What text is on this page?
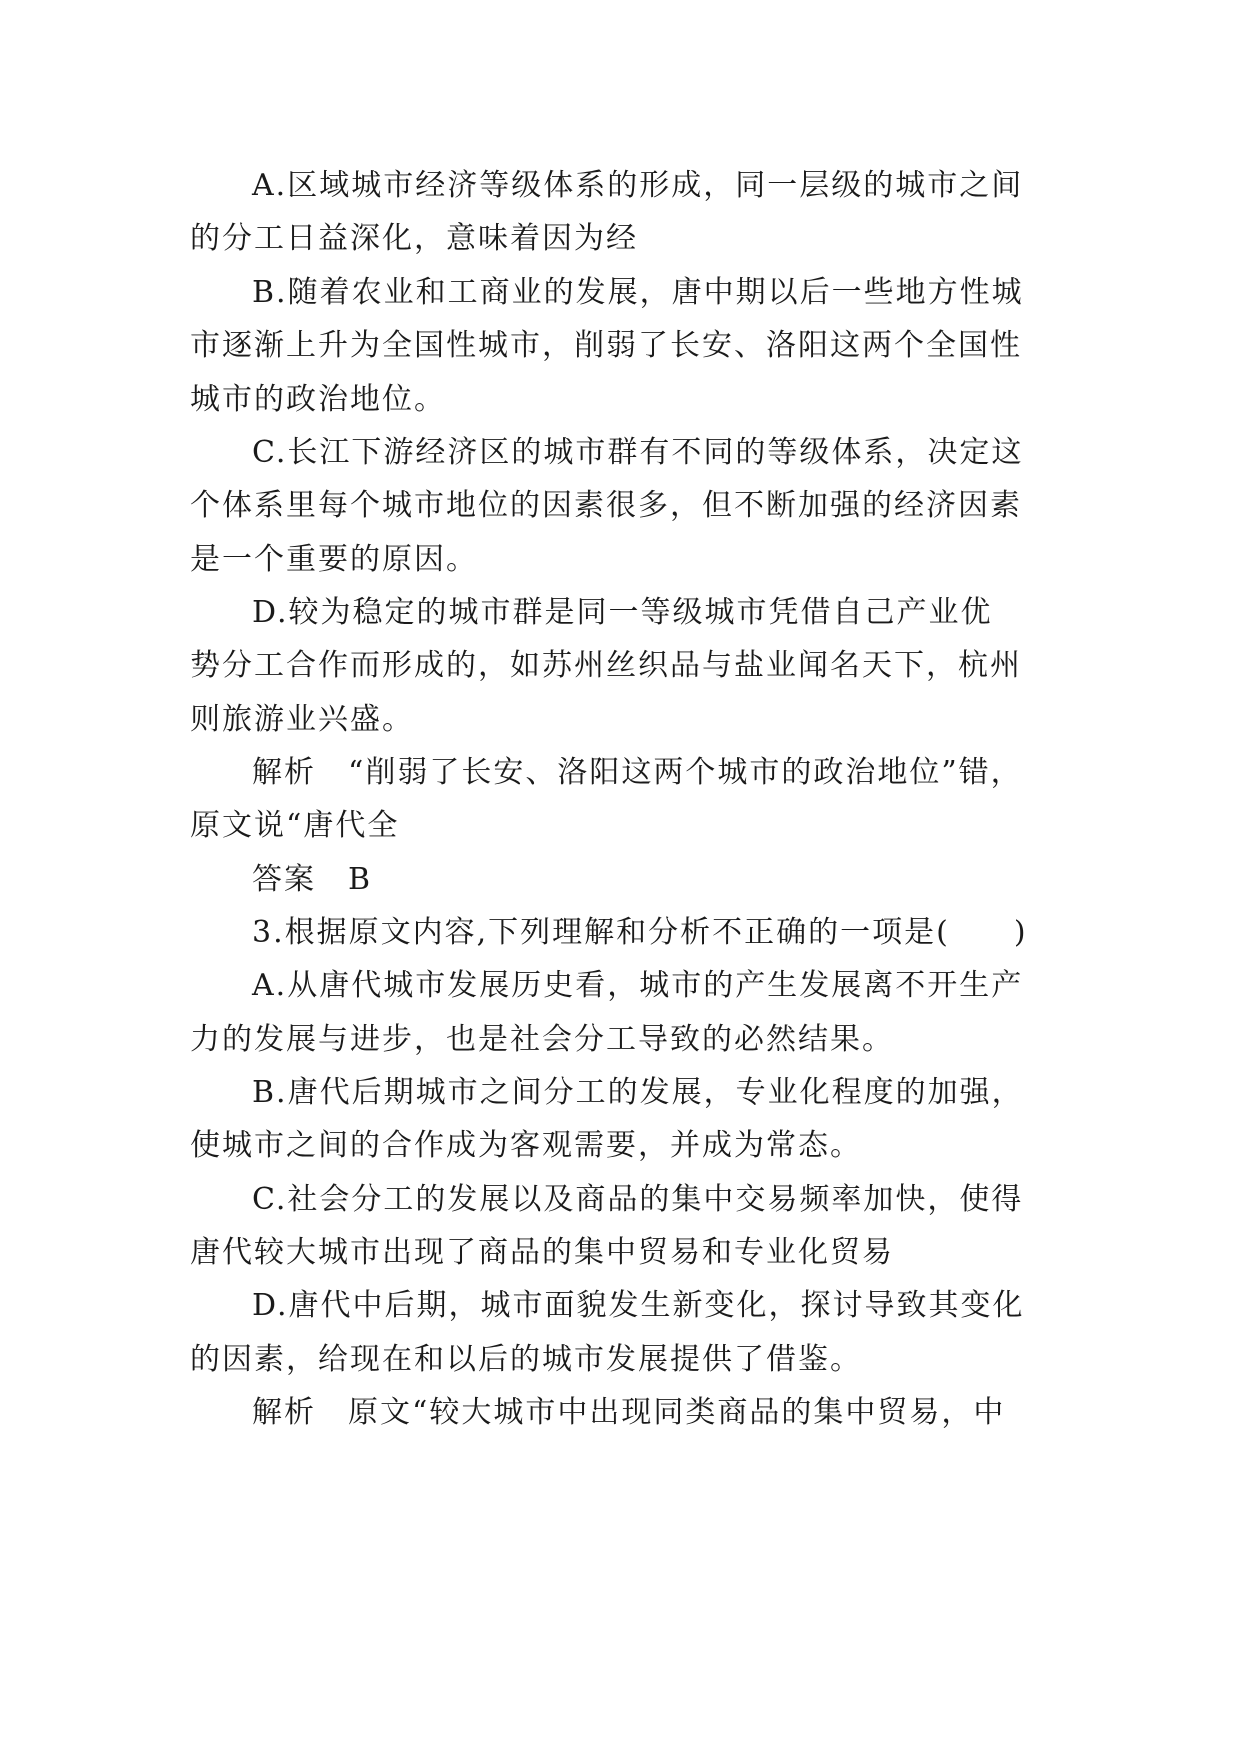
A.区域城市经济等级体系的形成，同一层级的城市之间
的分工日益深化，意味着因为经
B.随着农业和工商业的发展，唐中期以后一些地方性城
市逐渐上升为全国性城市，削弱了长安、洛阳这两个全国性
城市的政治地位。
C.长江下游经济区的城市群有不同的等级体系，决定这
个体系里每个城市地位的因素很多，但不断加强的经济因素
是一个重要的原因。
D.较为稳定的城市群是同一等级城市凭借自己产业优
势分工合作而形成的，如苏州丝织品与盐业闻名天下，杭州
则旅游业兴盛。
解析　“削弱了长安、洛阳这两个城市的政治地位”错，
原文说“唐代全
答案　B
3.根据原文内容,下列理解和分析不正确的一项是(　　)
A.从唐代城市发展历史看，城市的产生发展离不开生产
力的发展与进步，也是社会分工导致的必然结果。
B.唐代后期城市之间分工的发展，专业化程度的加强，
使城市之间的合作成为客观需要，并成为常态。
C.社会分工的发展以及商品的集中交易频率加快，使得
唐代较大城市出现了商品的集中贸易和专业化贸易
D.唐代中后期，城市面貌发生新变化，探讨导致其变化
的因素，给现在和以后的城市发展提供了借鉴。
解析　原文“较大城市中出现同类商品的集中贸易，中
